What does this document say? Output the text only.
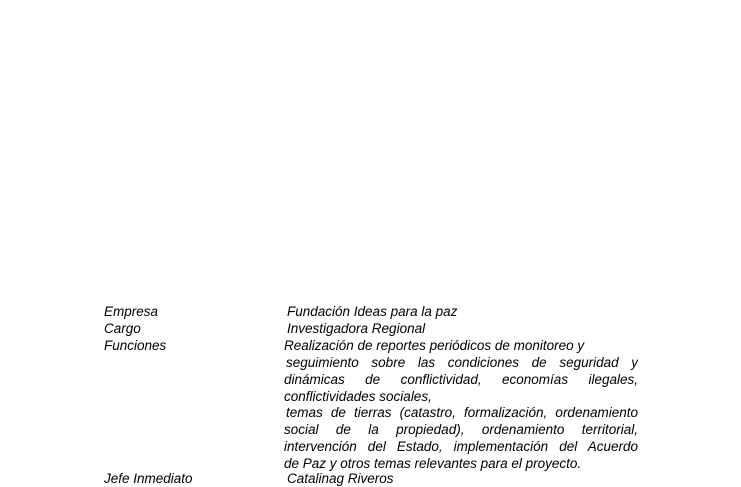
Empresa	Fundación Ideas para la paz
Cargo	Investigadora Regional
Funciones	Realización de reportes periódicos de monitoreo y
seguimiento sobre las condiciones de seguridad y
dinámicas de conflictividad, economías ilegales,
conflictividades sociales,
temas de tierras (catastro, formalización, ordenamiento
social de la propiedad), ordenamiento territorial,
intervención del Estado, implementación del Acuerdo
de Paz y otros temas relevantes para el proyecto.
Jefe Inmediato	Catalinag Riveros
